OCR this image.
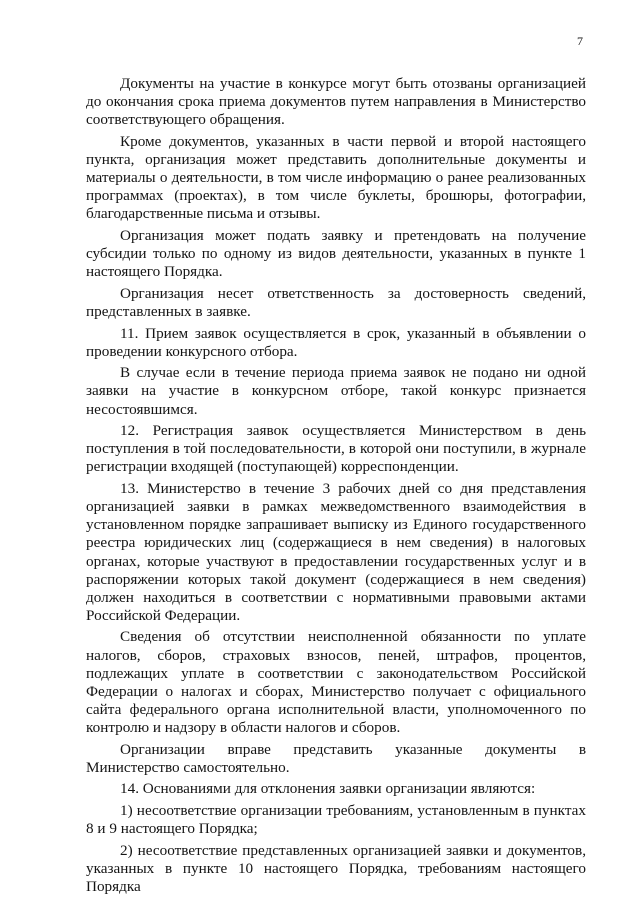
7

Документы на участие в конкурсе могут быть отозваны организацией до окончания срока приема документов путем направления в Министерство соответствующего обращения.

Кроме документов, указанных в части первой и второй настоящего пункта, организация может представить дополнительные документы и материалы о деятельности, в том числе информацию о ранее реализованных программах (проектах), в том числе буклеты, брошюры, фотографии, благодарственные письма и отзывы.

Организация может подать заявку и претендовать на получение субсидии только по одному из видов деятельности, указанных в пункте 1 настоящего Порядка.

Организация несет ответственность за достоверность сведений, представленных в заявке.

11. Прием заявок осуществляется в срок, указанный в объявлении о проведении конкурсного отбора.

В случае если в течение периода приема заявок не подано ни одной заявки на участие в конкурсном отборе, такой конкурс признается несостоявшимся.

12. Регистрация заявок осуществляется Министерством в день поступления в той последовательности, в которой они поступили, в журнале регистрации входящей (поступающей) корреспонденции.

13. Министерство в течение 3 рабочих дней со дня представления организацией заявки в рамках межведомственного взаимодействия в установленном порядке запрашивает выписку из Единого государственного реестра юридических лиц (содержащиеся в нем сведения) в налоговых органах, которые участвуют в предоставлении государственных услуг и в распоряжении которых такой документ (содержащиеся в нем сведения) должен находиться в соответствии с нормативными правовыми актами Российской Федерации.

Сведения об отсутствии неисполненной обязанности по уплате налогов, сборов, страховых взносов, пеней, штрафов, процентов, подлежащих уплате в соответствии с законодательством Российской Федерации о налогах и сборах, Министерство получает с официального сайта федерального органа исполнительной власти, уполномоченного по контролю и надзору в области налогов и сборов.

Организации вправе представить указанные документы в Министерство самостоятельно.

14. Основаниями для отклонения заявки организации являются:

1) несоответствие организации требованиям, установленным в пунктах 8 и 9 настоящего Порядка;

2) несоответствие представленных организацией заявки и документов, указанных в пункте 10 настоящего Порядка, требованиям настоящего Порядка
